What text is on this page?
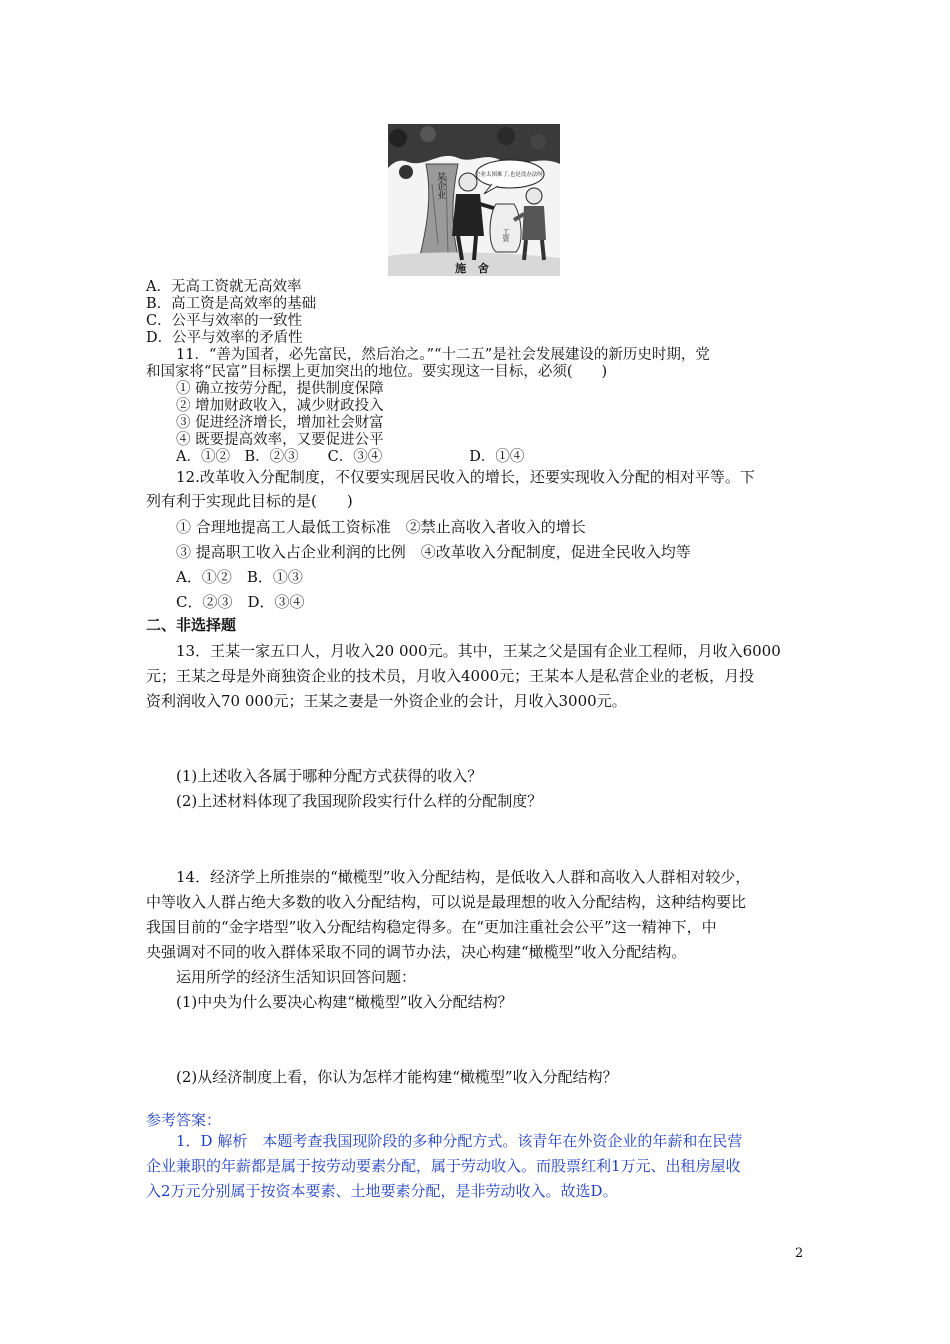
企业太困难了,也是没办法呀!
某企业
工资
施 舍
A．无高工资就无高效率
B．高工资是高效率的基础
C．公平与效率的一致性
D．公平与效率的矛盾性
11．“善为国者，必先富民，然后治之。”“十二五”是社会发展建设的新历史时期，党
和国家将“民富”目标摆上更加突出的地位。要实现这一目标，必须(　　)
① 确立按劳分配，提供制度保障
② 增加财政收入，减少财政投入
③ 促进经济增长，增加社会财富
④ 既要提高效率，又要促进公平
A．①②　B．②③　　C．③④　　　　　　D．①④
12.改革收入分配制度，不仅要实现居民收入的增长，还要实现收入分配的相对平等。下
列有利于实现此目标的是(　　)
① 合理地提高工人最低工资标准　②禁止高收入者收入的增长
③ 提高职工收入占企业利润的比例　④改革收入分配制度，促进全民收入均等
A．①②　B．①③
C．②③　D．③④
二、非选择题
13．王某一家五口人，月收入20 000元。其中，王某之父是国有企业工程师，月收入6000
元；王某之母是外商独资企业的技术员，月收入4000元；王某本人是私营企业的老板，月投
资利润收入70 000元；王某之妻是一外资企业的会计，月收入3000元。
(1)上述收入各属于哪种分配方式获得的收入？
(2)上述材料体现了我国现阶段实行什么样的分配制度？
14．经济学上所推崇的“橄榄型”收入分配结构，是低收入人群和高收入人群相对较少，
中等收入人群占绝大多数的收入分配结构，可以说是最理想的收入分配结构，这种结构要比
我国目前的“金字塔型”收入分配结构稳定得多。在“更加注重社会公平”这一精神下，中
央强调对不同的收入群体采取不同的调节办法，决心构建“橄榄型”收入分配结构。
运用所学的经济生活知识回答问题：
(1)中央为什么要决心构建“橄榄型”收入分配结构？
(2)从经济制度上看，你认为怎样才能构建“橄榄型”收入分配结构？
参考答案：
1．D 解析　本题考查我国现阶段的多种分配方式。该青年在外资企业的年薪和在民营
企业兼职的年薪都是属于按劳动要素分配，属于劳动收入。而股票红利1万元、出租房屋收
入2万元分别属于按资本要素、土地要素分配，是非劳动收入。故选D。
2
